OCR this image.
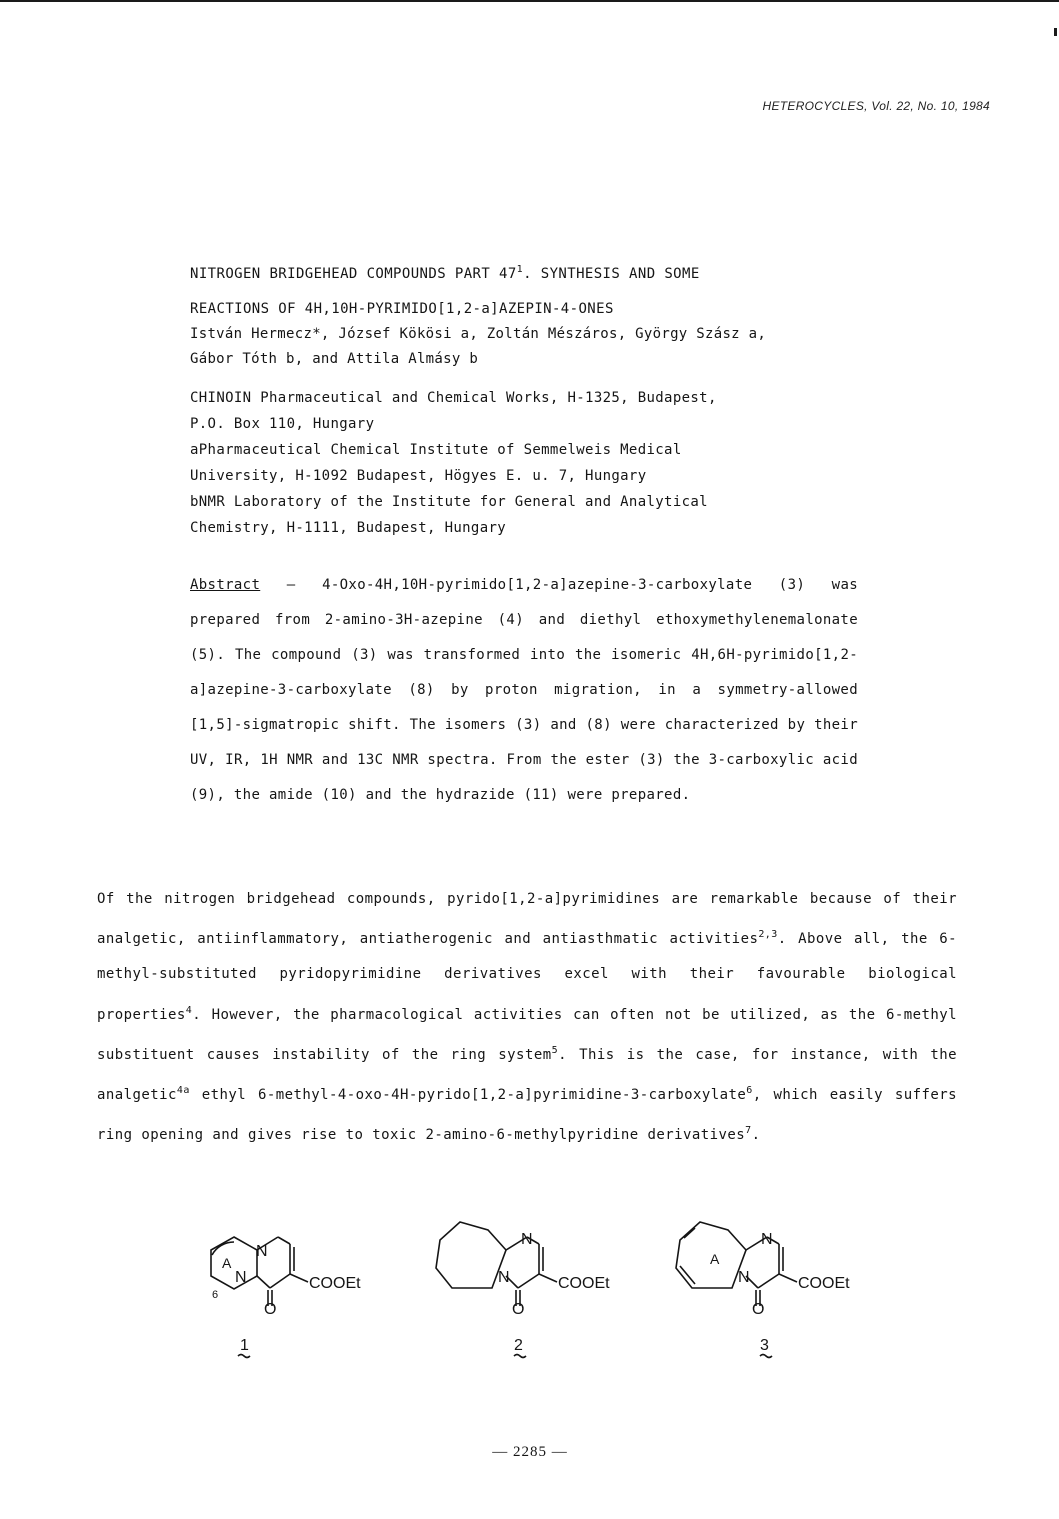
HETEROCYCLES, Vol. 22, No. 10, 1984
NITROGEN BRIDGEHEAD COMPOUNDS PART $47^1$. SYNTHESIS AND SOME
REACTIONS OF 4H,10H-PYRIMIDO[1,2-a]AZEPIN-4-ONES
István Hermecz*, József Kökösi a, Zoltán Mészáros, György Szász a,
Gábor Tóth b, and Attila Almásy b
CHINOIN Pharmaceutical and Chemical Works, H-1325, Budapest,
P.O. Box 110, Hungary
aPharmaceutical Chemical Institute of Semmelweis Medical
University, H-1092 Budapest, Högyes E. u. 7, Hungary
bNMR Laboratory of the Institute for General and Analytical
Chemistry, H-1111, Budapest, Hungary
Abstract — 4-Oxo-4H,10H-pyrimido[1,2-a]azepine-3-carboxylate (3) was prepared from 2-amino-3H-azepine (4) and diethyl ethoxymethylenemalonate (5). The compound (3) was transformed into the isomeric 4H,6H-pyrimido[1,2-a]azepine-3-carboxylate (8) by proton migration, in a symmetry-allowed [1,5]-sigmatropic shift. The isomers (3) and (8) were characterized by their UV, IR, 1H NMR and 13C NMR spectra. From the ester (3) the 3-carboxylic acid (9), the amide (10) and the hydrazide (11) were prepared.
Of the nitrogen bridgehead compounds, pyrido[1,2-a]pyrimidines are remarkable because of their analgetic, antiinflammatory, antiatherogenic and antiasthmatic activities$^{2,3}$. Above all, the 6-methyl-substituted pyridopyrimidine derivatives excel with their favourable biological properties$^4$. However, the pharmacological activities can often not be utilized, as the 6-methyl substituent causes instability of the ring system$^5$. This is the case, for instance, with the analgetic$^{4a}$ ethyl 6-methyl-4-oxo-4H-pyrido[1,2-a]pyrimidine-3-carboxylate$^6$, which easily suffers ring opening and gives rise to toxic 2-amino-6-methylpyridine derivatives$^7$.
N
N
O
COOEt
A
6
1
N
N
O
COOEt
2
N
N
O
COOEt
A
3
— 2285 —
